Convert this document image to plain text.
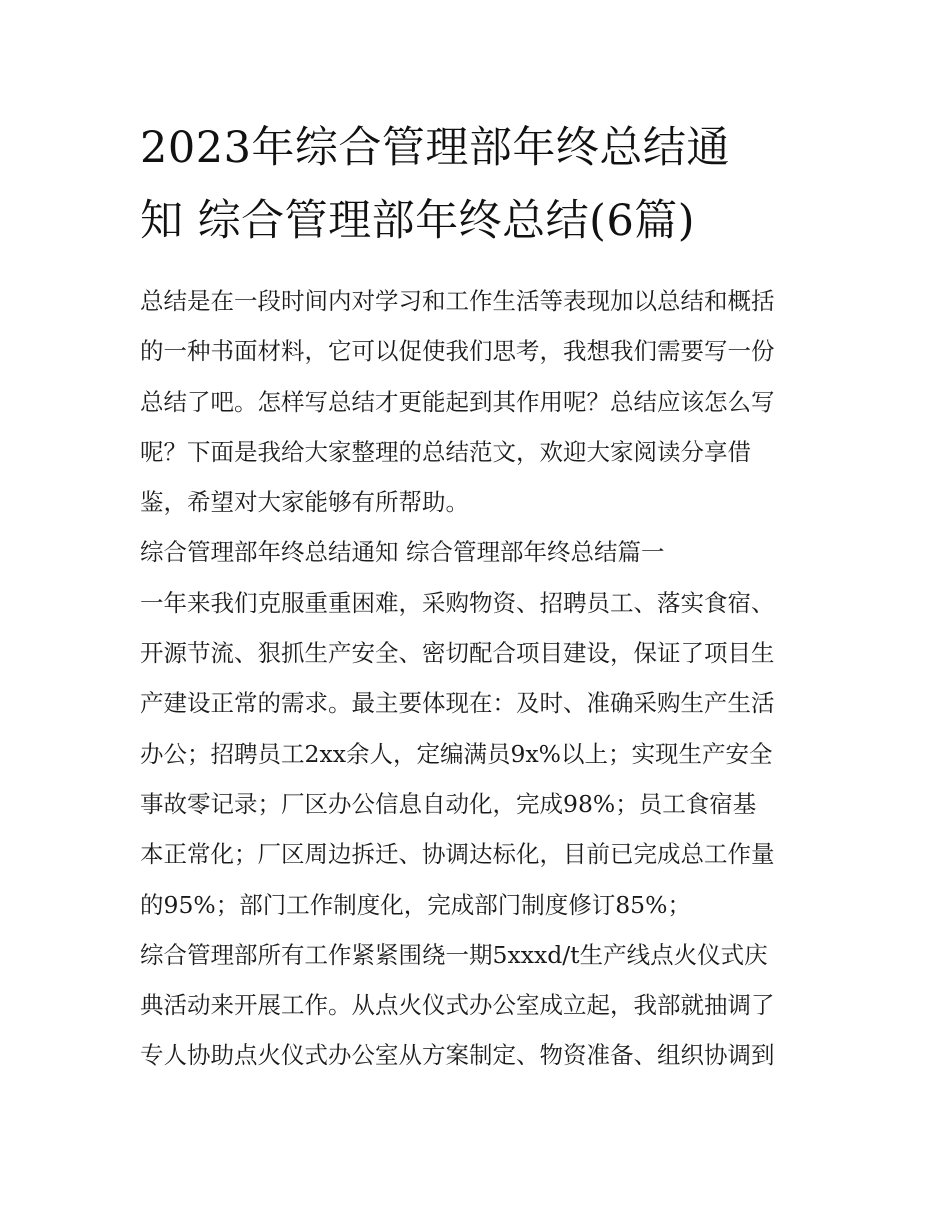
2023年综合管理部年终总结通
知 综合管理部年终总结(6篇)
总结是在一段时间内对学习和工作生活等表现加以总结和概括
的一种书面材料，它可以促使我们思考，我想我们需要写一份
总结了吧。怎样写总结才更能起到其作用呢？总结应该怎么写
呢？下面是我给大家整理的总结范文，欢迎大家阅读分享借
鉴，希望对大家能够有所帮助。
综合管理部年终总结通知 综合管理部年终总结篇一
一年来我们克服重重困难，采购物资、招聘员工、落实食宿、
开源节流、狠抓生产安全、密切配合项目建设，保证了项目生
产建设正常的需求。最主要体现在：及时、准确采购生产生活
办公；招聘员工2xx余人，定编满员9x%以上；实现生产安全
事故零记录；厂区办公信息自动化，完成98%；员工食宿基
本正常化；厂区周边拆迁、协调达标化，目前已完成总工作量
的95%；部门工作制度化，完成部门制度修订85%；
综合管理部所有工作紧紧围绕一期5xxxd/t生产线点火仪式庆
典活动来开展工作。从点火仪式办公室成立起，我部就抽调了
专人协助点火仪式办公室从方案制定、物资准备、组织协调到
